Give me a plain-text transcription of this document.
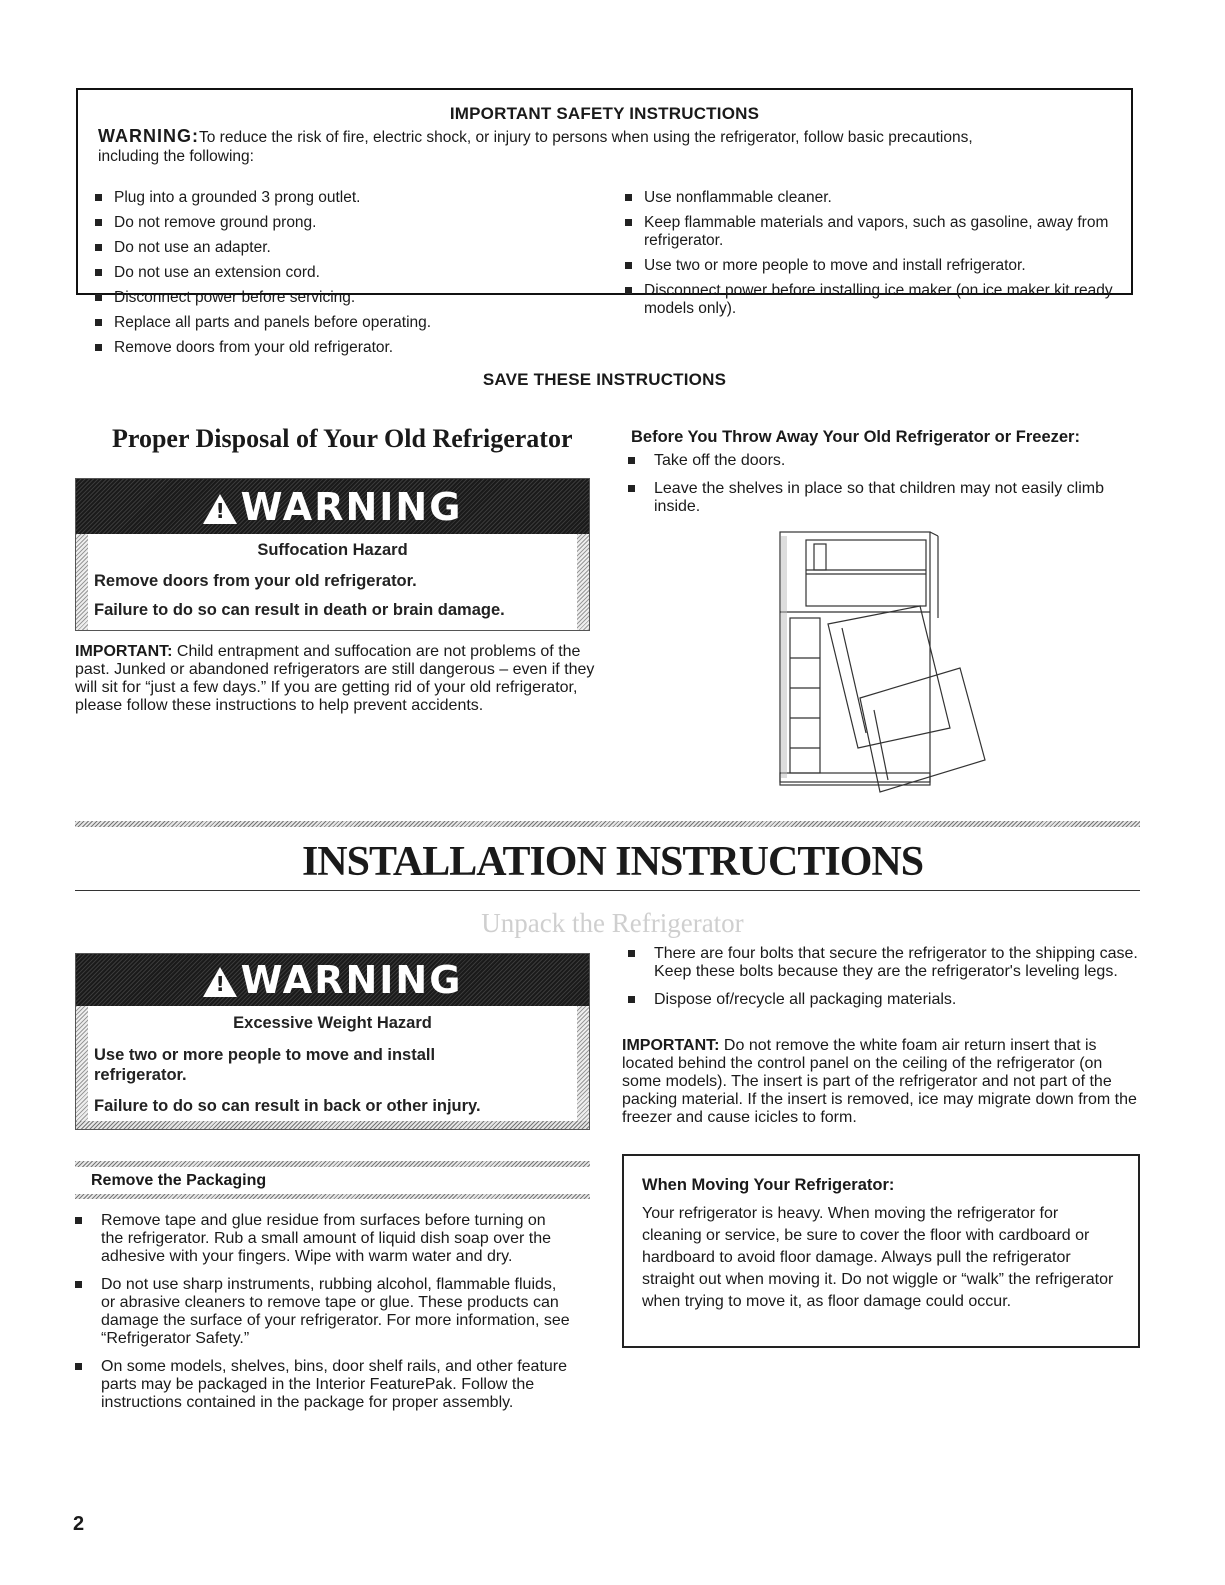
IMPORTANT SAFETY INSTRUCTIONS
WARNING:To reduce the risk of fire, electric shock, or injury to persons when using the refrigerator, follow basic precautions,
including the following:
Plug into a grounded 3 prong outlet.
Do not remove ground prong.
Do not use an adapter.
Do not use an extension cord.
Disconnect power before servicing.
Replace all parts and panels before operating.
Remove doors from your old refrigerator.
Use nonflammable cleaner.
Keep flammable materials and vapors, such as gasoline, away from refrigerator.
Use two or more people to move and install refrigerator.
Disconnect power before installing ice maker (on ice maker kit ready models only).
SAVE THESE INSTRUCTIONS
Proper Disposal of Your Old Refrigerator
!
WARNING
Suffocation Hazard
Remove doors from your old refrigerator.
Failure to do so can result in death or brain damage.
IMPORTANT: Child entrapment and suffocation are not problems of the past. Junked or abandoned refrigerators are still dangerous – even if they will sit for “just a few days.” If you are getting rid of your old refrigerator, please follow these instructions to help prevent accidents.
Before You Throw Away Your Old Refrigerator or Freezer:
Take off the doors.
Leave the shelves in place so that children may not easily climb inside.
INSTALLATION INSTRUCTIONS
Unpack the Refrigerator
!
WARNING
Excessive Weight Hazard
Use two or more people to move and install refrigerator.
Failure to do so can result in back or other injury.
There are four bolts that secure the refrigerator to the shipping case. Keep these bolts because they are the refrigerator's leveling legs.
Dispose of/recycle all packaging materials.
IMPORTANT: Do not remove the white foam air return insert that is located behind the control panel on the ceiling of the refrigerator (on some models). The insert is part of the refrigerator and not part of the packing material. If the insert is removed, ice may migrate down from the freezer and cause icicles to form.
Remove the Packaging
Remove tape and glue residue from surfaces before turning on the refrigerator. Rub a small amount of liquid dish soap over the adhesive with your fingers. Wipe with warm water and dry.
Do not use sharp instruments, rubbing alcohol, flammable fluids, or abrasive cleaners to remove tape or glue. These products can damage the surface of your refrigerator. For more information, see “Refrigerator Safety.”
On some models, shelves, bins, door shelf rails, and other feature parts may be packaged in the Interior FeaturePak. Follow the instructions contained in the package for proper assembly.
When Moving Your Refrigerator:
Your refrigerator is heavy. When moving the refrigerator for cleaning or service, be sure to cover the floor with cardboard or hardboard to avoid floor damage. Always pull the refrigerator straight out when moving it. Do not wiggle or “walk” the refrigerator when trying to move it, as floor damage could occur.
2
